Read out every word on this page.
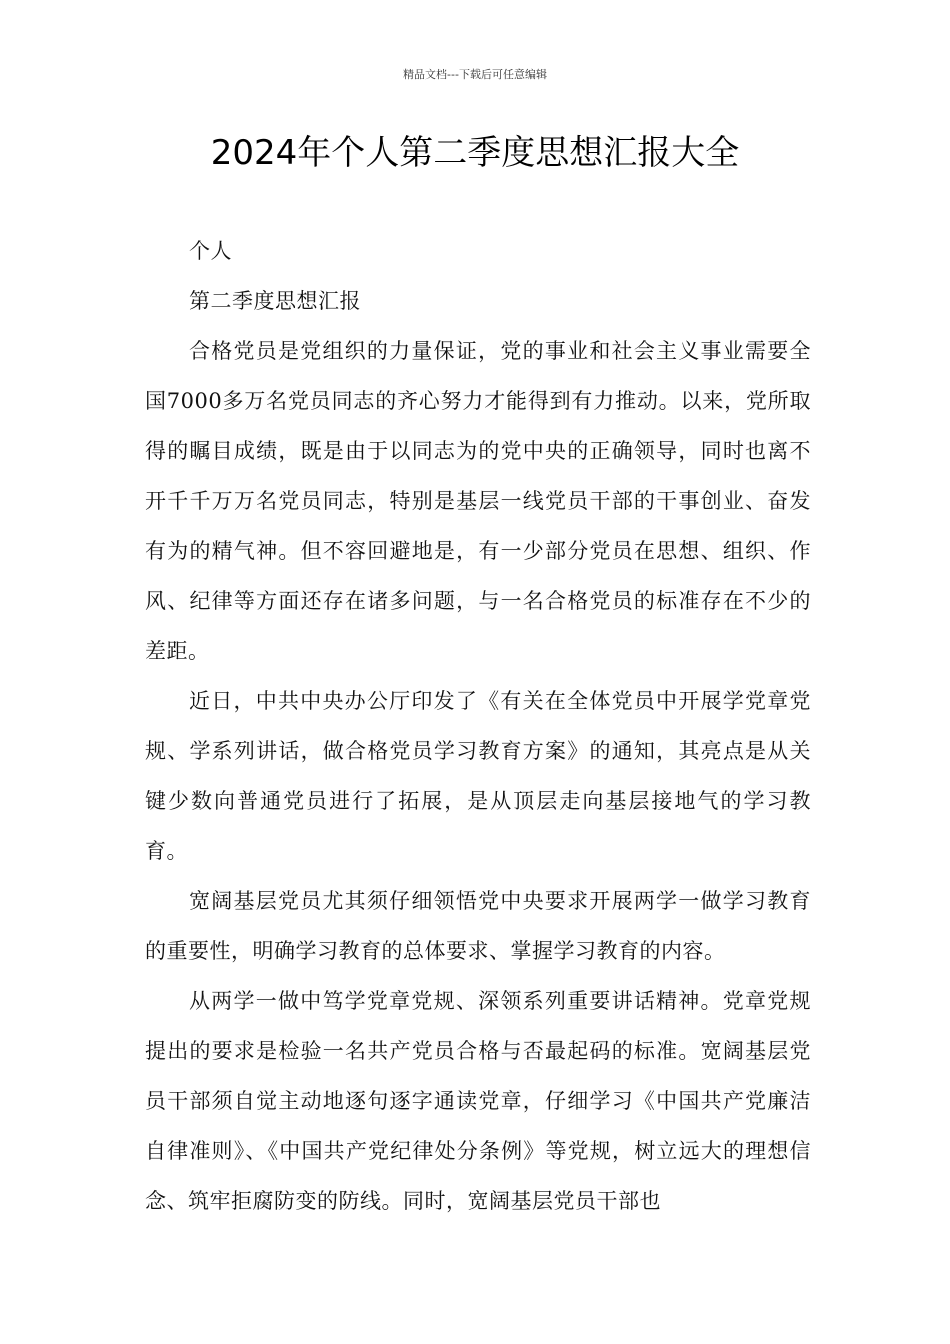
精品文档---下载后可任意编辑
2024年个人第二季度思想汇报大全

个人

第二季度思想汇报

合格党员是党组织的力量保证，党的事业和社会主义事业需要全国7000多万名党员同志的齐心努力才能得到有力推动。以来，党所取得的瞩目成绩，既是由于以同志为的党中央的正确领导，同时也离不开千千万万名党员同志，特别是基层一线党员干部的干事创业、奋发有为的精气神。但不容回避地是，有一少部分党员在思想、组织、作风、纪律等方面还存在诸多问题，与一名合格党员的标准存在不少的差距。

近日，中共中央办公厅印发了《有关在全体党员中开展学党章党规、学系列讲话，做合格党员学习教育方案》的通知，其亮点是从关键少数向普通党员进行了拓展，是从顶层走向基层接地气的学习教育。

宽阔基层党员尤其须仔细领悟党中央要求开展两学一做学习教育的重要性，明确学习教育的总体要求、掌握学习教育的内容。

从两学一做中笃学党章党规、深领系列重要讲话精神。党章党规提出的要求是检验一名共产党员合格与否最起码的标准。宽阔基层党员干部须自觉主动地逐句逐字通读党章，仔细学习《中国共产党廉洁自律准则》、《中国共产党纪律处分条例》等党规，树立远大的理想信念、筑牢拒腐防变的防线。同时，宽阔基层党员干部也
